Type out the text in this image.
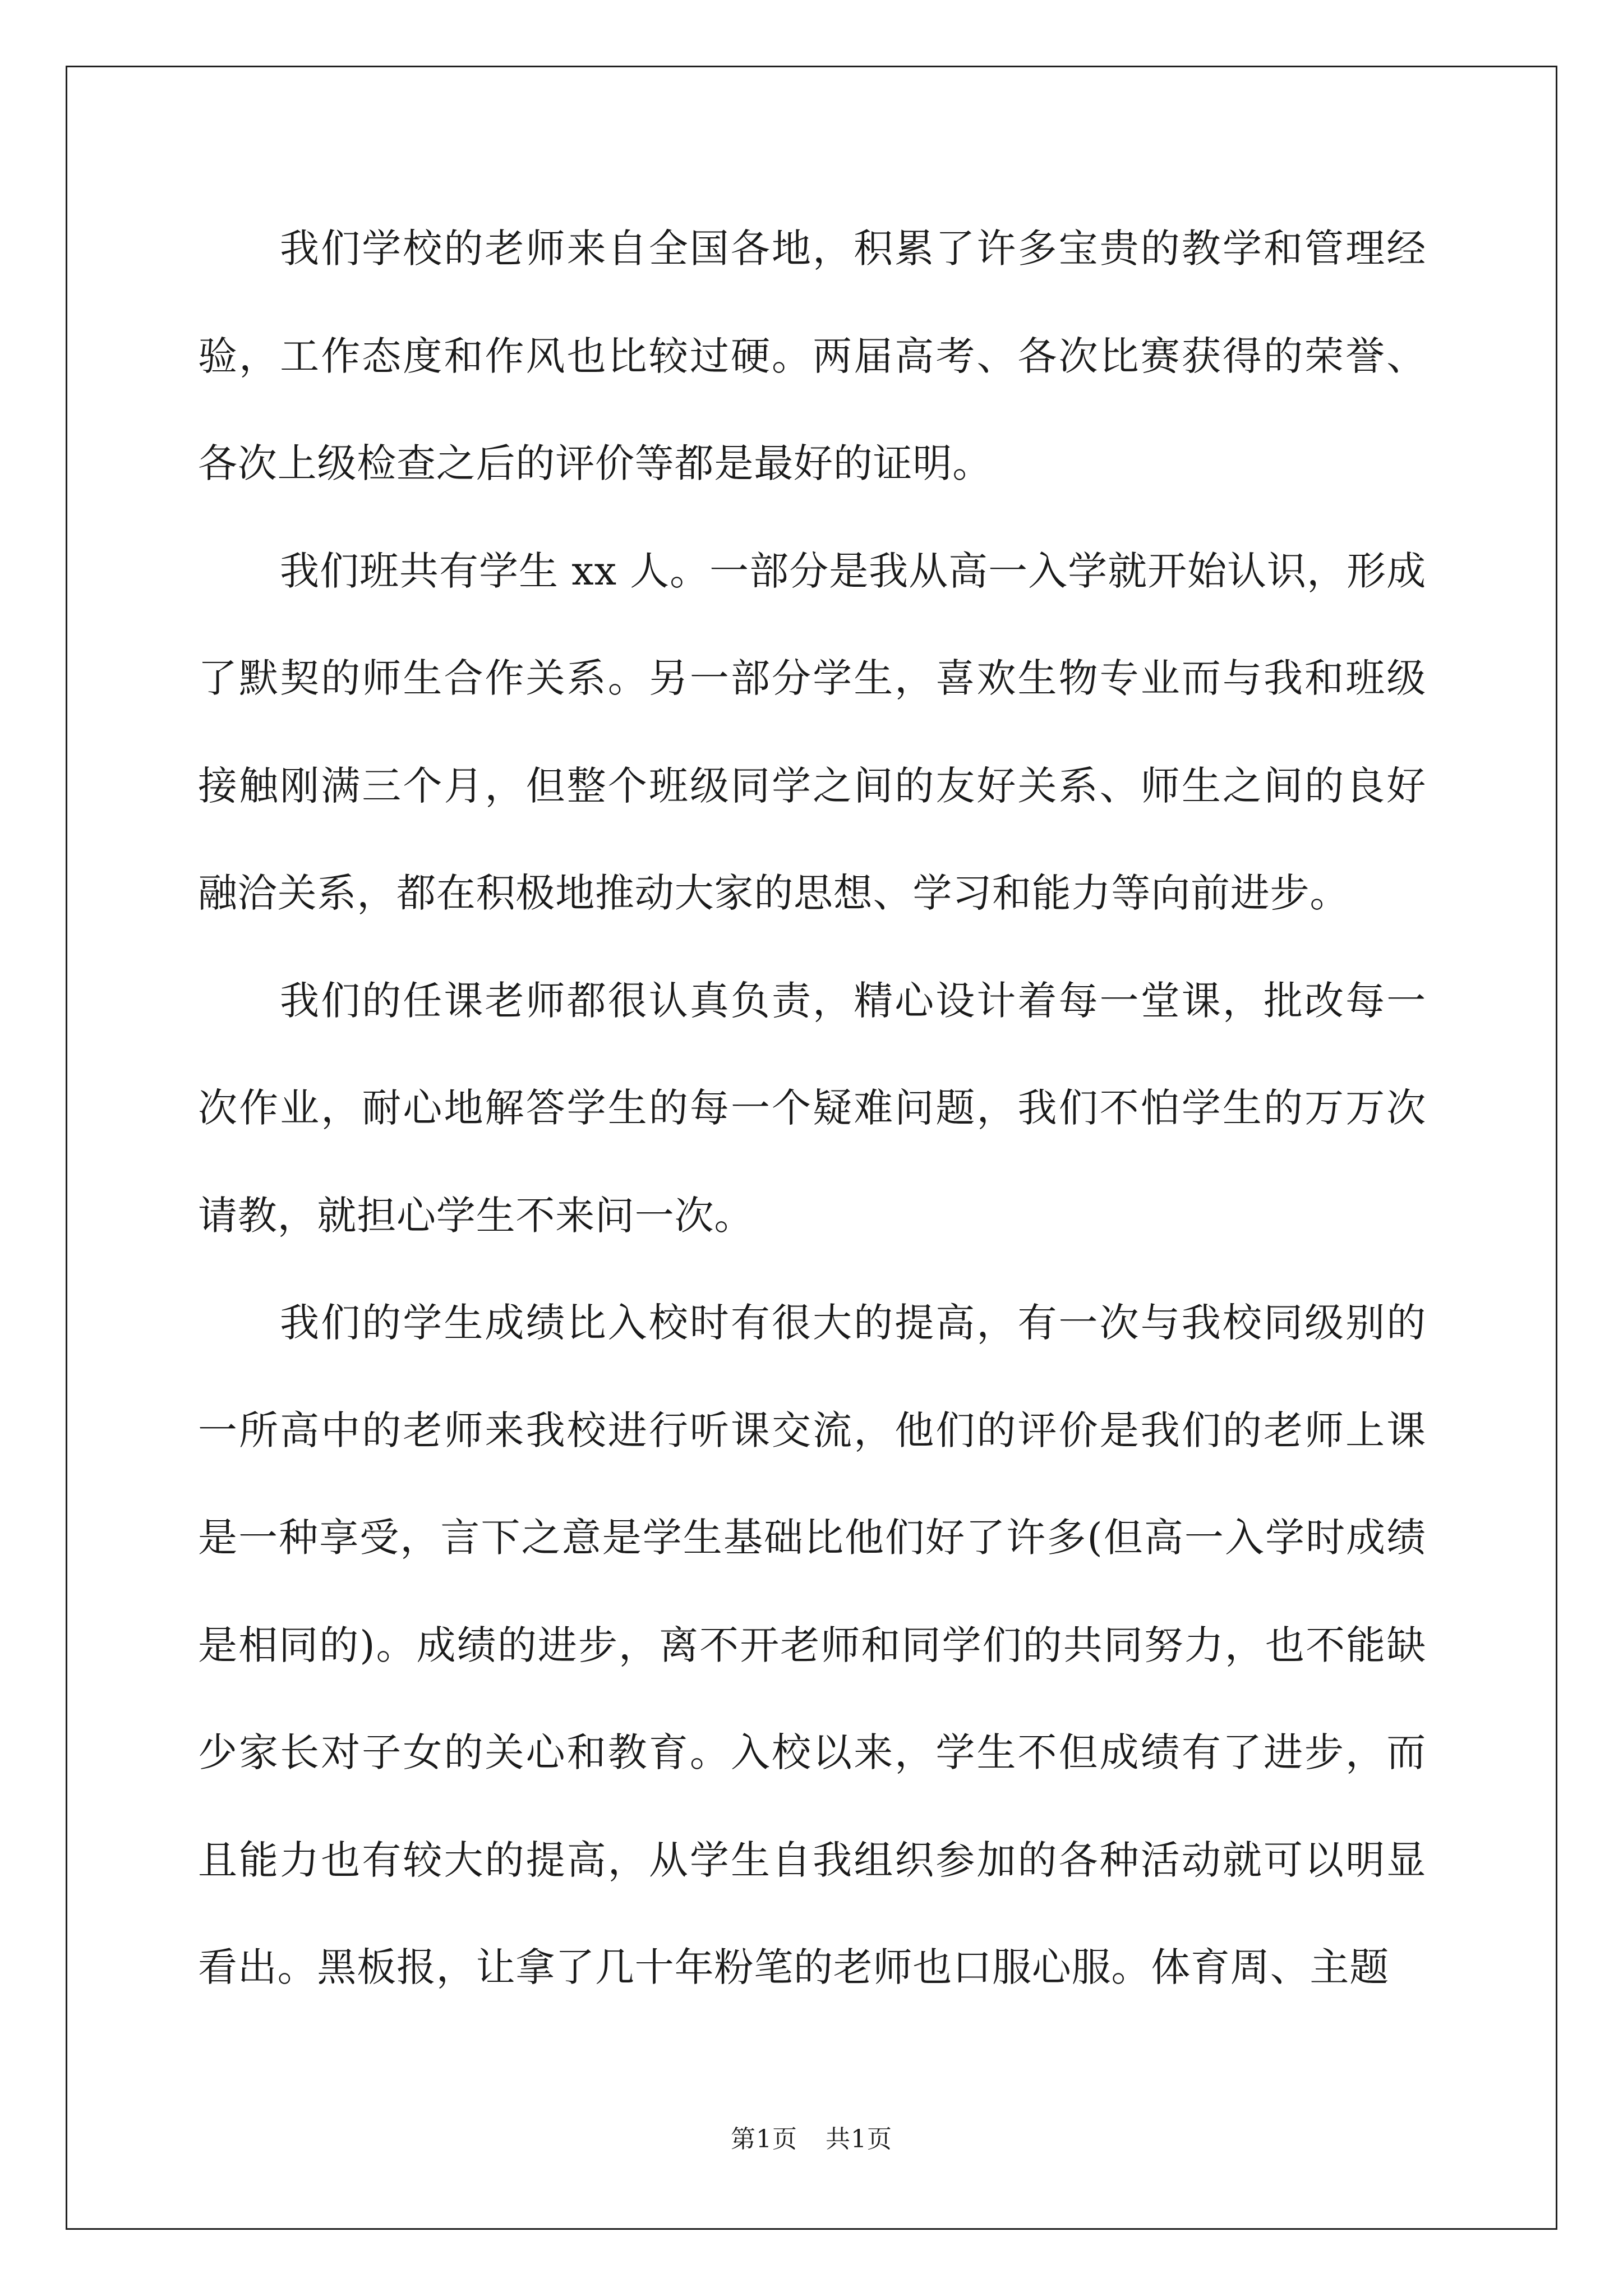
我们学校的老师来自全国各地，积累了许多宝贵的教学和管理经验，工作态度和作风也比较过硬。两届高考、各次比赛获得的荣誉、各次上级检查之后的评价等都是最好的证明。

我们班共有学生 xx 人。一部分是我从高一入学就开始认识，形成了默契的师生合作关系。另一部分学生，喜欢生物专业而与我和班级接触刚满三个月，但整个班级同学之间的友好关系、师生之间的良好融洽关系，都在积极地推动大家的思想、学习和能力等向前进步。

我们的任课老师都很认真负责，精心设计着每一堂课，批改每一次作业，耐心地解答学生的每一个疑难问题，我们不怕学生的万万次请教，就担心学生不来问一次。

我们的学生成绩比入校时有很大的提高，有一次与我校同级别的一所高中的老师来我校进行听课交流，他们的评价是我们的老师上课是一种享受，言下之意是学生基础比他们好了许多(但高一入学时成绩是相同的)。成绩的进步，离不开老师和同学们的共同努力，也不能缺少家长对子女的关心和教育。入校以来，学生不但成绩有了进步，而且能力也有较大的提高，从学生自我组织参加的各种活动就可以明显看出。黑板报，让拿了几十年粉笔的老师也口服心服。体育周、主题

第1页 共1页
